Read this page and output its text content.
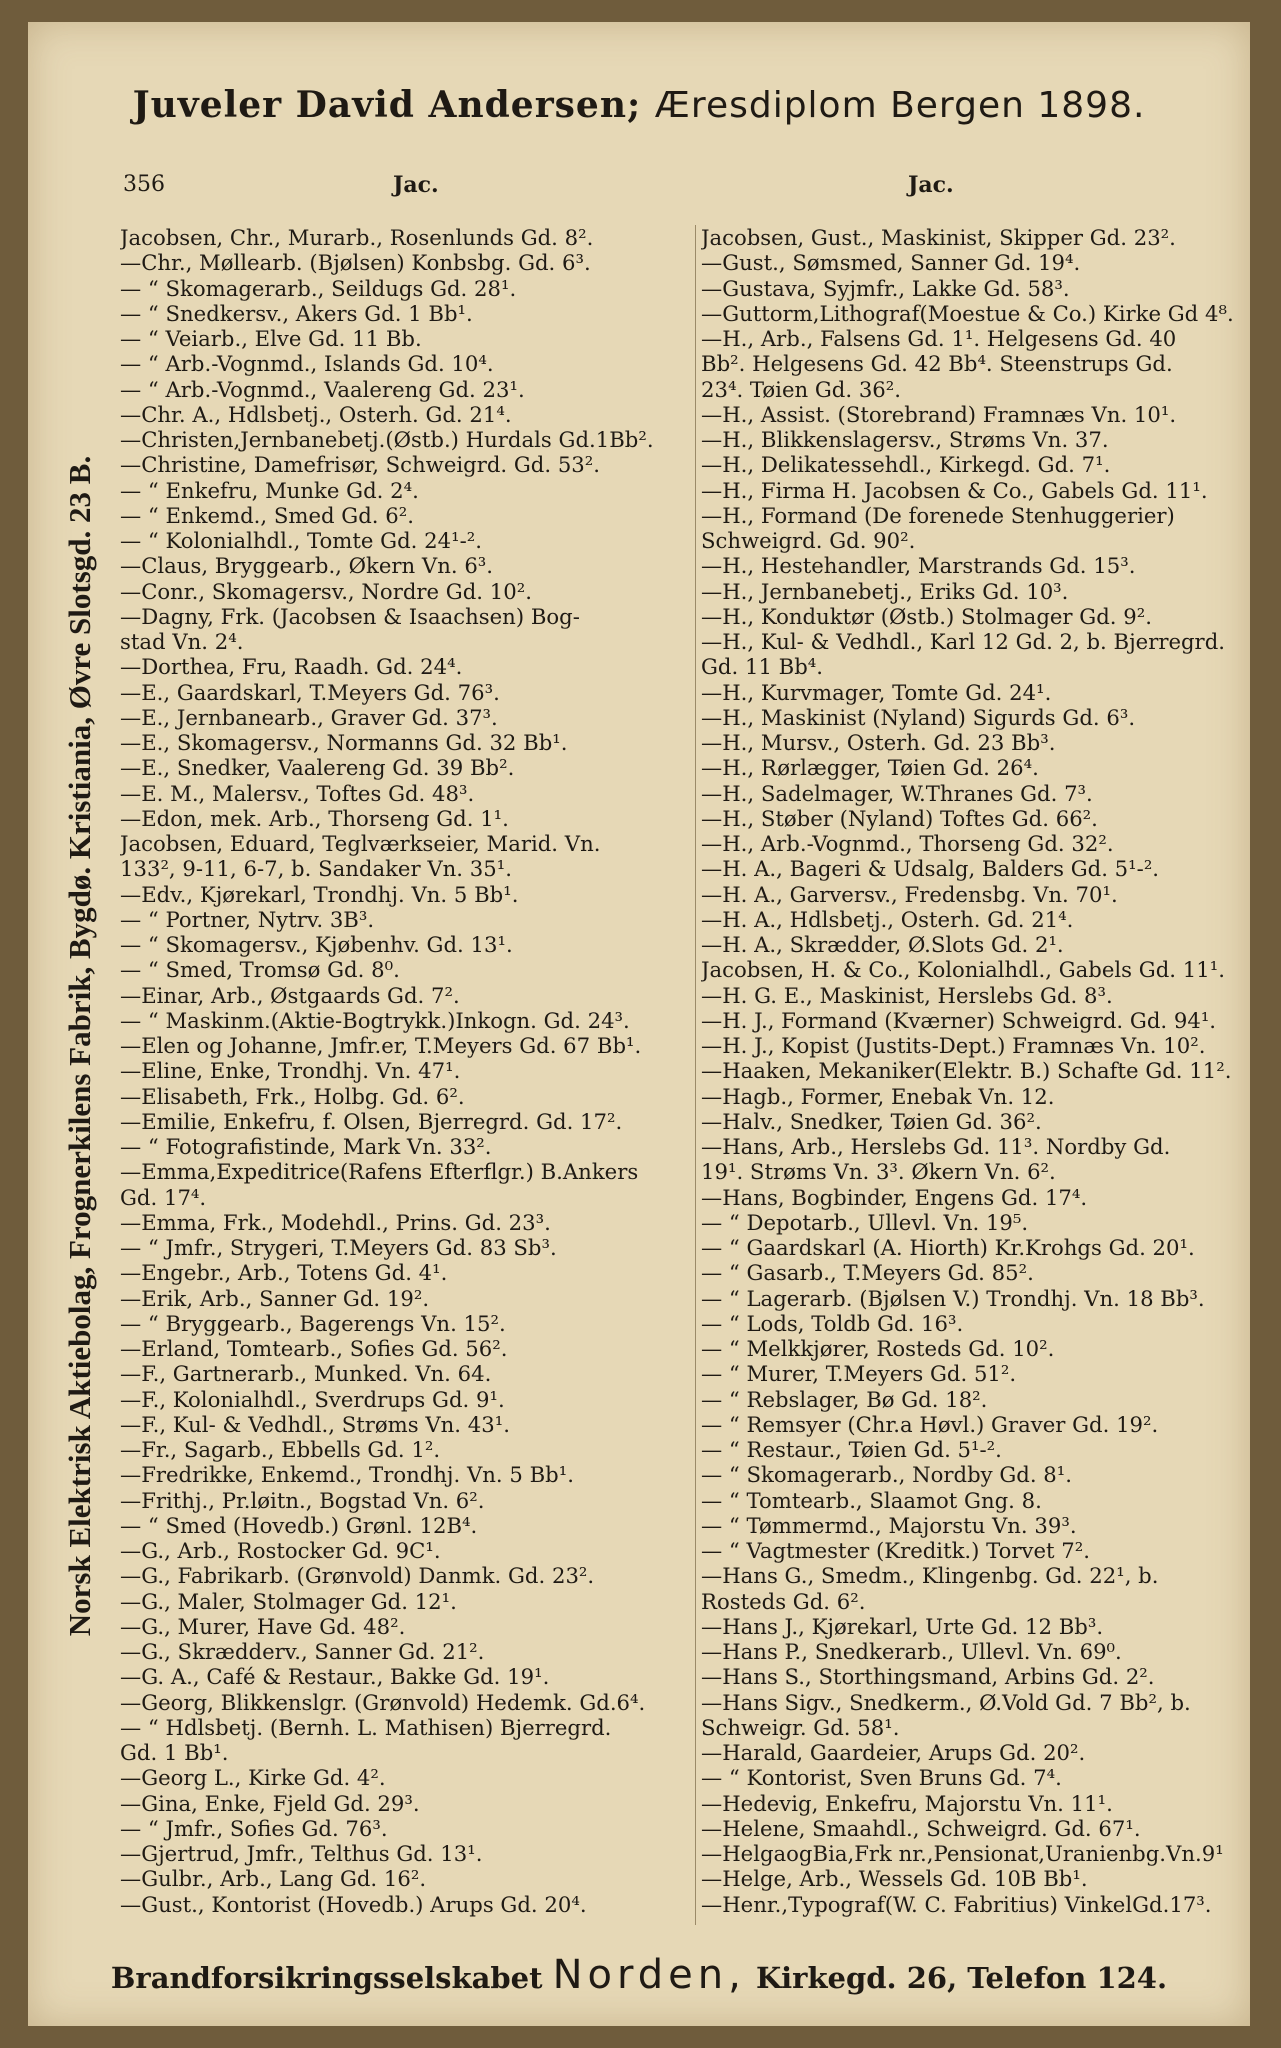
Juveler David Andersen; Æresdiplom Bergen 1898.
356	Jac.	Jac.
Norsk Elektrisk Aktiebolag, Frognerkilens Fabrik, Bygdø. Kristiania, Øvre Slotsgd. 23 B.
Jacobsen, Chr., Murarb., Rosenlunds Gd. 8².
—Chr., Møllearb. (Bjølsen) Konbsbg. Gd. 6³.
— “ Skomagerarb., Seildugs Gd. 28¹.
— “ Snedkersv., Akers Gd. 1 Bb¹.
— “ Veiarb., Elve Gd. 11 Bb.
— “ Arb.-Vognmd., Islands Gd. 10⁴.
— “ Arb.-Vognmd., Vaalereng Gd. 23¹.
—Chr. A., Hdlsbetj., Osterh. Gd. 21⁴.
—Christen,Jernbanebetj.(Østb.) Hurdals Gd.1Bb².
—Christine, Damefrisør, Schweigrd. Gd. 53².
— “ Enkefru, Munke Gd. 2⁴.
— “ Enkemd., Smed Gd. 6².
— “ Kolonialhdl., Tomte Gd. 24¹-².
—Claus, Bryggearb., Økern Vn. 6³.
—Conr., Skomagersv., Nordre Gd. 10².
—Dagny, Frk. (Jacobsen & Isaachsen) Bog-
stad Vn. 2⁴.
—Dorthea, Fru, Raadh. Gd. 24⁴.
—E., Gaardskarl, T.Meyers Gd. 76³.
—E., Jernbanearb., Graver Gd. 37³.
—E., Skomagersv., Normanns Gd. 32 Bb¹.
—E., Snedker, Vaalereng Gd. 39 Bb².
—E. M., Malersv., Toftes Gd. 48³.
—Edon, mek. Arb., Thorseng Gd. 1¹.
Jacobsen, Eduard, Teglværkseier, Marid. Vn.
133², 9-11, 6-7, b. Sandaker Vn. 35¹.
—Edv., Kjørekarl, Trondhj. Vn. 5 Bb¹.
— “ Portner, Nytrv. 3B³.
— “ Skomagersv., Kjøbenhv. Gd. 13¹.
— “ Smed, Tromsø Gd. 8⁰.
—Einar, Arb., Østgaards Gd. 7².
— “ Maskinm.(Aktie-Bogtrykk.)Inkogn. Gd. 24³.
—Elen og Johanne, Jmfr.er, T.Meyers Gd. 67 Bb¹.
—Eline, Enke, Trondhj. Vn. 47¹.
—Elisabeth, Frk., Holbg. Gd. 6².
—Emilie, Enkefru, f. Olsen, Bjerregrd. Gd. 17².
— “ Fotografistinde, Mark Vn. 33².
—Emma,Expeditrice(Rafens Efterflgr.) B.Ankers
Gd. 17⁴.
—Emma, Frk., Modehdl., Prins. Gd. 23³.
— “ Jmfr., Strygeri, T.Meyers Gd. 83 Sb³.
—Engebr., Arb., Totens Gd. 4¹.
—Erik, Arb., Sanner Gd. 19².
— “ Bryggearb., Bagerengs Vn. 15².
—Erland, Tomtearb., Sofies Gd. 56².
—F., Gartnerarb., Munked. Vn. 64.
—F., Kolonialhdl., Sverdrups Gd. 9¹.
—F., Kul- & Vedhdl., Strøms Vn. 43¹.
—Fr., Sagarb., Ebbells Gd. 1².
—Fredrikke, Enkemd., Trondhj. Vn. 5 Bb¹.
—Frithj., Pr.løitn., Bogstad Vn. 6².
— “ Smed (Hovedb.) Grønl. 12B⁴.
—G., Arb., Rostocker Gd. 9C¹.
—G., Fabrikarb. (Grønvold) Danmk. Gd. 23².
—G., Maler, Stolmager Gd. 12¹.
—G., Murer, Have Gd. 48².
—G., Skrædderv., Sanner Gd. 21².
—G. A., Café & Restaur., Bakke Gd. 19¹.
—Georg, Blikkenslgr. (Grønvold) Hedemk. Gd.6⁴.
— “ Hdlsbetj. (Bernh. L. Mathisen) Bjerregrd.
Gd. 1 Bb¹.
—Georg L., Kirke Gd. 4².
—Gina, Enke, Fjeld Gd. 29³.
— “ Jmfr., Sofies Gd. 76³.
—Gjertrud, Jmfr., Telthus Gd. 13¹.
—Gulbr., Arb., Lang Gd. 16².
—Gust., Kontorist (Hovedb.) Arups Gd. 20⁴.
Jacobsen, Gust., Maskinist, Skipper Gd. 23².
—Gust., Sømsmed, Sanner Gd. 19⁴.
—Gustava, Syjmfr., Lakke Gd. 58³.
—Guttorm,Lithograf(Moestue & Co.) Kirke Gd 4⁸.
—H., Arb., Falsens Gd. 1¹. Helgesens Gd. 40
Bb². Helgesens Gd. 42 Bb⁴. Steenstrups Gd.
23⁴. Tøien Gd. 36².
—H., Assist. (Storebrand) Framnæs Vn. 10¹.
—H., Blikkenslagersv., Strøms Vn. 37.
—H., Delikatessehdl., Kirkegd. Gd. 7¹.
—H., Firma H. Jacobsen & Co., Gabels Gd. 11¹.
—H., Formand (De forenede Stenhuggerier)
Schweigrd. Gd. 90².
—H., Hestehandler, Marstrands Gd. 15³.
—H., Jernbanebetj., Eriks Gd. 10³.
—H., Konduktør (Østb.) Stolmager Gd. 9².
—H., Kul- & Vedhdl., Karl 12 Gd. 2, b. Bjerregrd.
Gd. 11 Bb⁴.
—H., Kurvmager, Tomte Gd. 24¹.
—H., Maskinist (Nyland) Sigurds Gd. 6³.
—H., Mursv., Osterh. Gd. 23 Bb³.
—H., Rørlægger, Tøien Gd. 26⁴.
—H., Sadelmager, W.Thranes Gd. 7³.
—H., Støber (Nyland) Toftes Gd. 66².
—H., Arb.-Vognmd., Thorseng Gd. 32².
—H. A., Bageri & Udsalg, Balders Gd. 5¹-².
—H. A., Garversv., Fredensbg. Vn. 70¹.
—H. A., Hdlsbetj., Osterh. Gd. 21⁴.
—H. A., Skrædder, Ø.Slots Gd. 2¹.
Jacobsen, H. & Co., Kolonialhdl., Gabels Gd. 11¹.
—H. G. E., Maskinist, Herslebs Gd. 8³.
—H. J., Formand (Kværner) Schweigrd. Gd. 94¹.
—H. J., Kopist (Justits-Dept.) Framnæs Vn. 10².
—Haaken, Mekaniker(Elektr. B.) Schafte Gd. 11².
—Hagb., Former, Enebak Vn. 12.
—Halv., Snedker, Tøien Gd. 36².
—Hans, Arb., Herslebs Gd. 11³. Nordby Gd.
19¹. Strøms Vn. 3³. Økern Vn. 6².
—Hans, Bogbinder, Engens Gd. 17⁴.
— “ Depotarb., Ullevl. Vn. 19⁵.
— “ Gaardskarl (A. Hiorth) Kr.Krohgs Gd. 20¹.
— “ Gasarb., T.Meyers Gd. 85².
— “ Lagerarb. (Bjølsen V.) Trondhj. Vn. 18 Bb³.
— “ Lods, Toldb Gd. 16³.
— “ Melkkjører, Rosteds Gd. 10².
— “ Murer, T.Meyers Gd. 51².
— “ Rebslager, Bø Gd. 18².
— “ Remsyer (Chr.a Høvl.) Graver Gd. 19².
— “ Restaur., Tøien Gd. 5¹-².
— “ Skomagerarb., Nordby Gd. 8¹.
— “ Tomtearb., Slaamot Gng. 8.
— “ Tømmermd., Majorstu Vn. 39³.
— “ Vagtmester (Kreditk.) Torvet 7².
—Hans G., Smedm., Klingenbg. Gd. 22¹, b.
Rosteds Gd. 6².
—Hans J., Kjørekarl, Urte Gd. 12 Bb³.
—Hans P., Snedkerarb., Ullevl. Vn. 69⁰.
—Hans S., Storthingsmand, Arbins Gd. 2².
—Hans Sigv., Snedkerm., Ø.Vold Gd. 7 Bb², b.
Schweigr. Gd. 58¹.
—Harald, Gaardeier, Arups Gd. 20².
— “ Kontorist, Sven Bruns Gd. 7⁴.
—Hedevig, Enkefru, Majorstu Vn. 11¹.
—Helene, Smaahdl., Schweigrd. Gd. 67¹.
—HelgaogBia,Frk nr.,Pensionat,Uranienbg.Vn.9¹
—Helge, Arb., Wessels Gd. 10B Bb¹.
—Henr.,Typograf(W. C. Fabritius) VinkelGd.17³.
Brandforsikringsselskabet Norden, Kirkegd. 26, Telefon 124.
